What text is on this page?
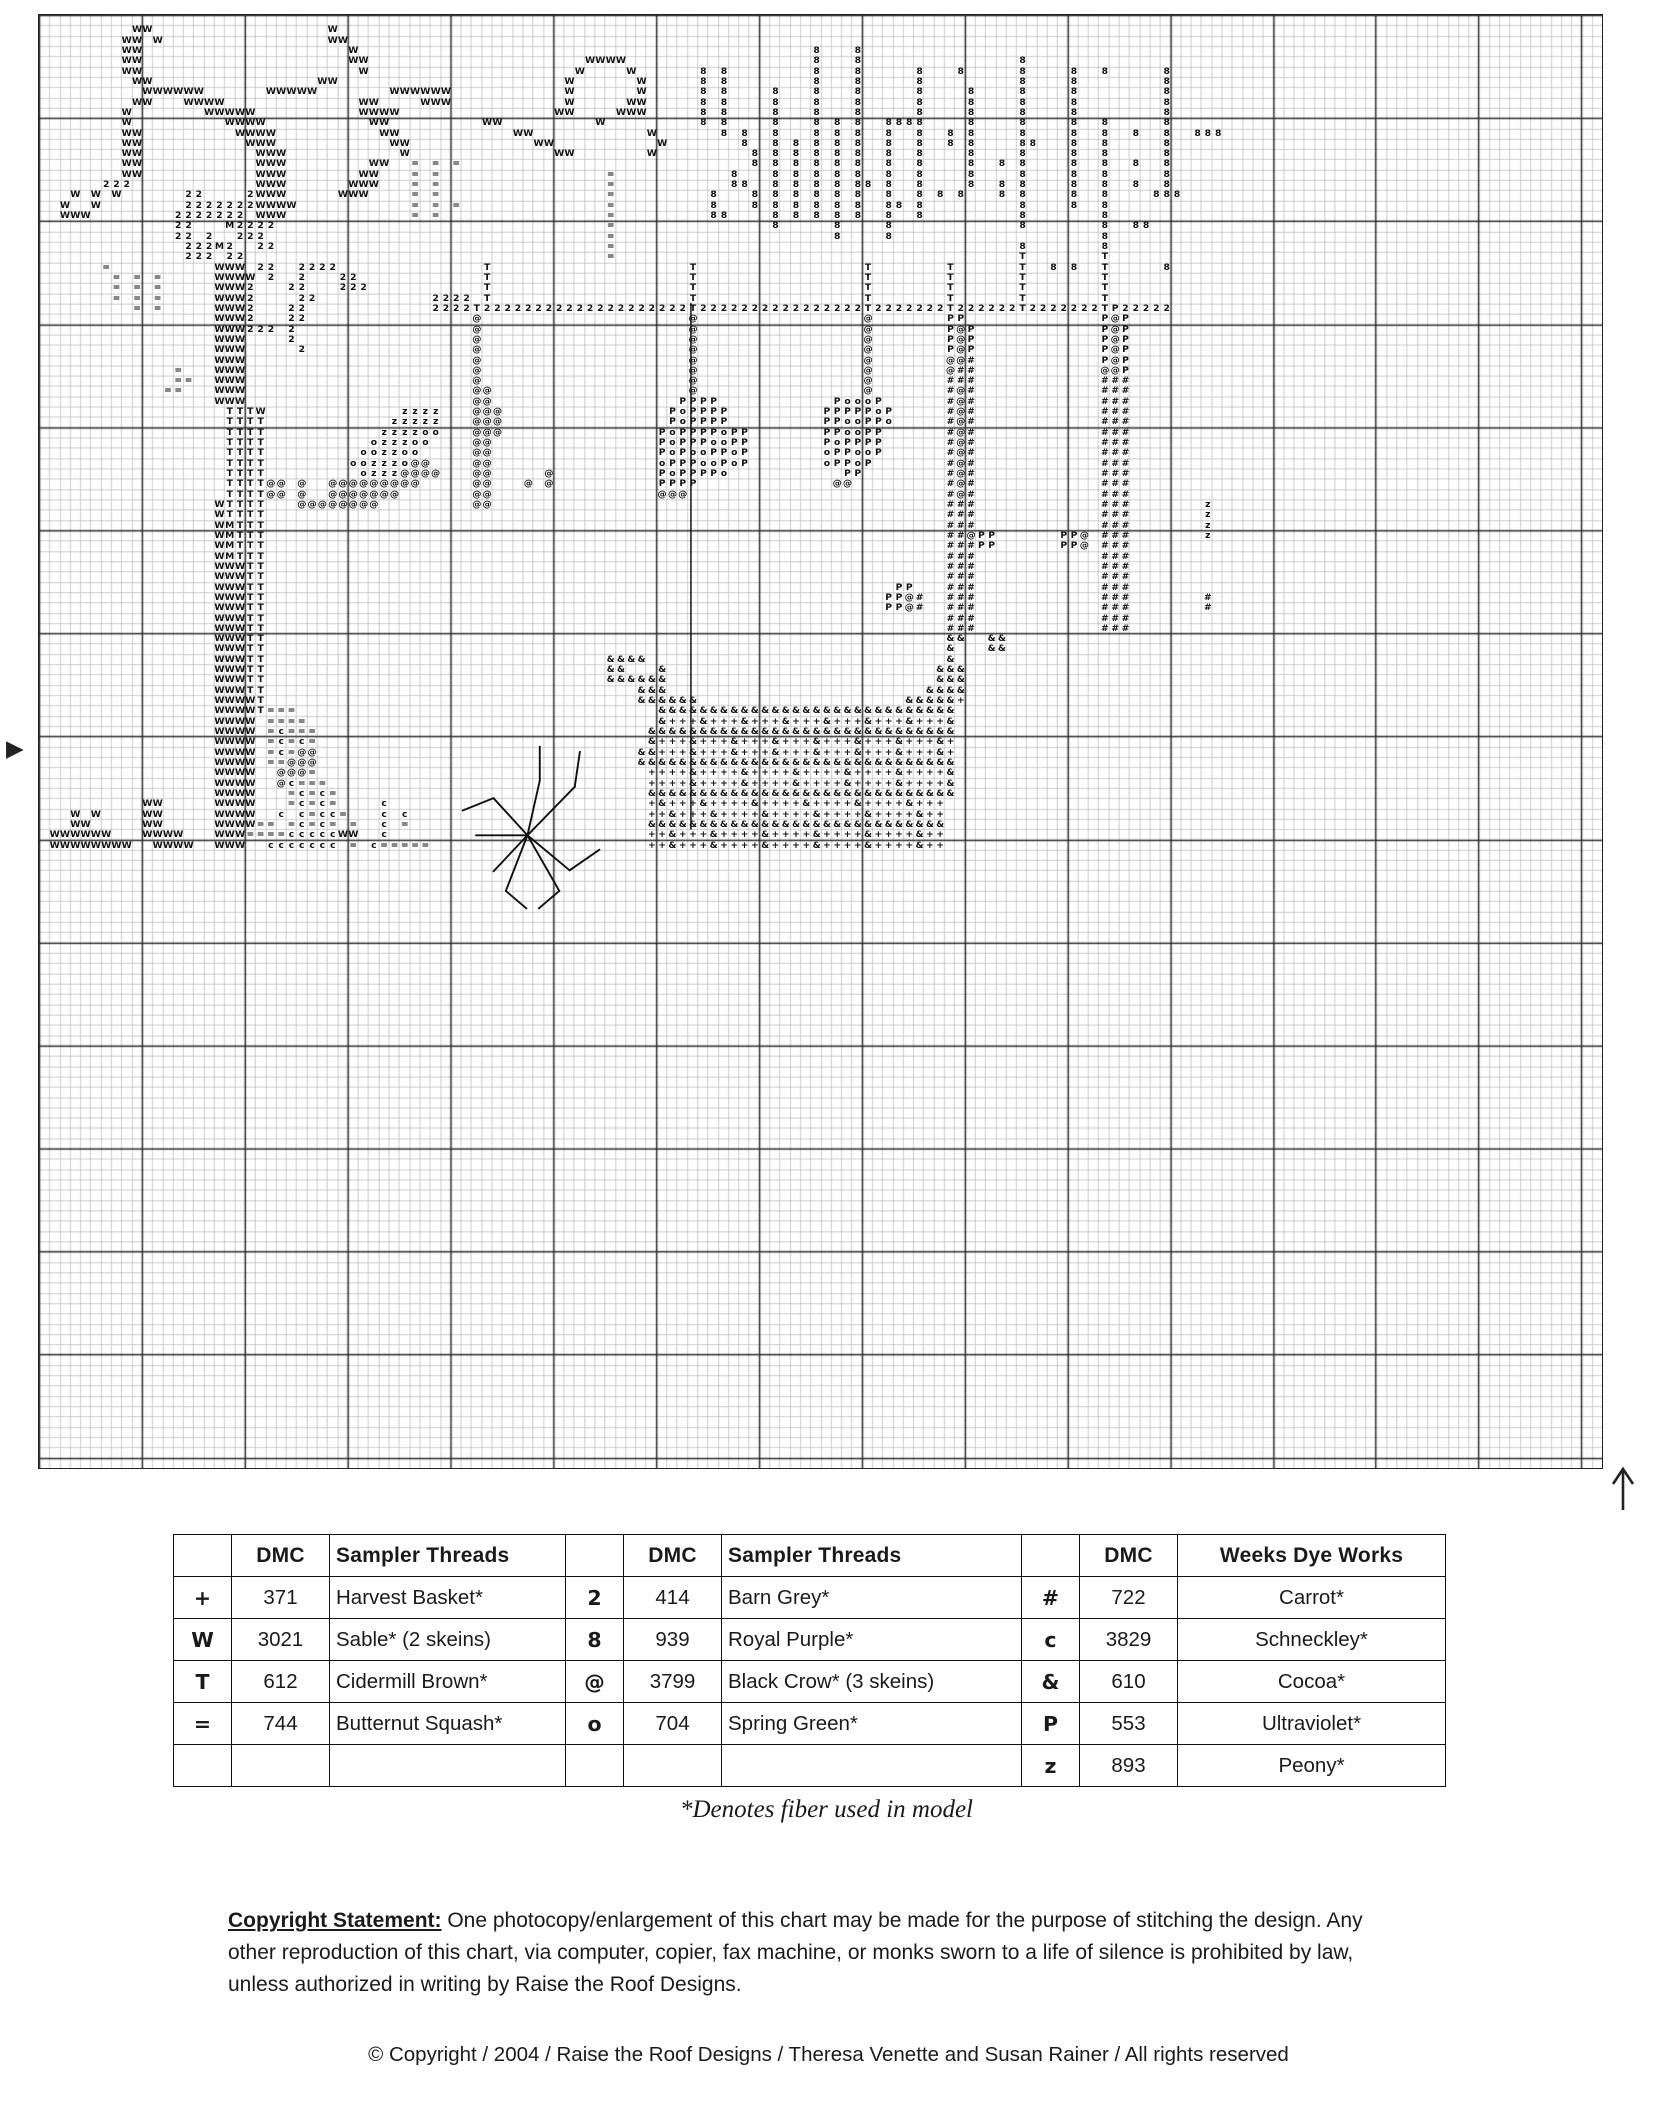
W W	W
W W W	W W
W W	W	8	8
W W	W W	W W W W	8	8	8
W W	W	W	W	8 8	8	8	8	8	8	8	8	8
W W	W W	W	W	8 8	8	8	8	8	8	8
W W W W W W	W W W W W	W W W W W W	W	W	8 8	8	8	8	8	8	8	8	8
W W	W W W W	W W	W W W	W	W W	8 8	8	8	8	8	8	8	8	8
W	W W W W W	W W W W	W W	W W W	8 8	8	8	8	8	8	8	8	8
W	W W W W	W W	W W	W	8 8	8	8 8 8	8 8 8 8	8	8	8	8	8
W W	W W W W	W W	W W	W	8 8	8	8 8 8	8	8	8 8	8	8	8	8	8	8 8 8
W W	W W W	W W	W W	W	8	8 8 8 8 8	8	8	8 8	8 8	8	8	8
W W	W W W	W	W W	W	8 8 8 8 8 8	8	8	8	8	8	8	8
W W	W W W	W W = = =	8 8 8 8 8 8	8	8	8	8 8	8	8	8	8
W W	W W W	W W	= =	=	8	8 8 8 8 8	8	8	8	8	8	8	8
2 2 2	W W W	W W W	= =	=	8 8	8 8 8 8 8 8 8	8	8	8 8	8	8	8	8
W W W	2 2	2 W W W	W W W	= =	=	8	8 8 8 8 8 8	8	8 8 8	8 8	8	8	8 8 8
W W	2 2 2 2 2 2 2 W W W W	= = =	=	8	8 8 8 8 8 8	8 8 8	8	8	8
W W W	2 2 2 2 2 2 2 W W W	= =	=	8 8	8 8 8 8 8	8	8	8	8
2 2	M 2 2 2 2	=	8	8	8	8	8	8 8
2 2 2	2 2 2	=	8	8	8
2 2 2 M 2	2 2	=	8	8
2 2 2 2 2	=	T	T
=	W W W 2 2	2 2 2 2	T	T	T	T	T	8 8	T	8
= = =	W W W W 2	2	2 2	T	T	T	T	T	T
= = =	W W W 2	2 2	2 2 2	T	T	T	T	T	T
= = =	W W W 2	2 2	2 2 2 2 T	T	T	T	T	T
= =	W W W 2	2 2	2 2 2 2 T 2 2 2 2 2 2 2 2 2 2 2 2 2 2 2 2 2 2 2 2 T 2 2 2 2 2 2 2 2 2 2 2 2 2 2 2 2 T 2 2 2 2 2 2 2 T 2 2 2 2 2 2 T 2 2 2 2 2 2 2 T P 2 2 2 2 2
W W W 2	2 2	@	@	@	P P	P @ P
W W W 2 2 2 2	@	@	@	P @ P	P @ P
W W W	2	@	@	@	P @ P	P @ P
W W W	2	@	@	@	P @ P	P @ P
W W W	@	@	@	@ @ #	P @ P
=	W W W	@	@	@	@ # #	@ @ P
= = W W W	@	@	@	# # #	# # #
= =	W W W	@ @	@	@	# @ #	# # #
W W W	@ @	P P P P	P o o o P	# @ #	# # #
T T T W	z z z z	@ @ @	P o P P P P	P P P P P o P	# @ #	# # #
T T T T	z z z z z	@ @ @	P o P P P P	P P o o P P o	# @ #	# # #
T T T T	z z z z o o	@ @ @	P o P P P P o P P	P P o o P P	# @ #	# # #
T T T T	o z z z o o	@ @	P o P P P o o P P	P o P P P P	# @ #	# # #
T T T T	o o z z o o	@ @	P o P o o P P o P	o P P o o P	# @ #	# # #
T T T T	o o z z z o @ @	@ @	o P P P o o P o P	o P P o P	# @ #	# # #
T T T T	o z z z @ @ @ @	@ @	@	P o P P P P o	P P	# @ #	# # #
T T T T @ @ @ @ @ @ @ @ @ @ @ @	@ @	@ @	P P P P	@ @	# @ #	# # #
T T T T @ @ @ @ @ @ @ @ @ @	@ @	@ @ @	# @ #	# # #
W T T T T	@ @ @ @ @ @ @ @	@ @	# # #	# # #	z
W T T T T	# # #	# # #	z
W M T T T	# # #	# # #	z
W M T T T	# # @ P P	P P @ # # #	z
W M T T T	# # # P P	P P @ # # #
W M T T T	# # #	# # #
W W W T T	# # #	# # #
W W W T T	# # #	# # #
W W W T T	P P	# # #	# # #
W W W T T	P P @ #	# # #	# # #	#
W W W T T	P P @ #	# # #	# # #	#
W W W T T	# # #	# # #
W W W T T	# # #	# # #
W W W T T	& &	& &
W W W T T	&	& &
W W W T T	& & & &	&
W W W T T	& &	&	& & &
W W W T T	& & & & & &	& & &
W W W T T	& & &	& & & &
W W W W T	& & & & & &	& & & & & +
W W W W T = = =	& & & & & & & & & & & & & & & & & & & & & & & & & & & & &
W W W W = = = =	& + + + & + + + & + + + & + + + & + + + & + + + & + + + &
W W W W = c = = =	& & & & & & & & & & & & & & & & & & & & & & & & & & & & & &
W W W W = c = c =	& + + + & + + + & + + + & + + + & + + + & + + + & + + + & +
W W W W = c = @ @	& & + + + & + + + & + + + & + + + & + + + & + + + & + + + & +
W W W W = = @ @ @	& & & & & & & & & & & & & & & & & & & & & & & & & & & & & & &
W W W W @ @ @ =	+ + + + & + + + + & + + + + & + + + + & + + + + & + + + + &
W W W W @ c = = =	+ + + + & + + + + & + + + + & + + + + & + + + + & + + + + &
W W W W	= c = c =	& & & & & & & & & & & & & & & & & & & & & & & & & & & & & &
W W	W W W W	= c = c =	c	+ & + + + & + + + + & + + + + & + + + + & + + + + & + + +
W W	W W	W W W W	c c = c c =	c c	+ + & + + + & + + + + & + + + + & + + + + & + + + + & + +
W W	W W	W W W W = = = c = c = =	c =	& & & & & & & & & & & & & & & & & & & & & & & & & & & & &
W W W W W W	W W W W	W W W = = = = c c c c c W W	c	+ + & + + + & + + + + & + + + + & + + + + & + + + + & + +
W W W W W W W W W W W W W W W	c c c c c c c = c = = = = =	+ + & + + + & + + + + & + + + + & + + + + & + + + + & + +
▶
	DMC	Sampler Threads		DMC	Sampler Threads		DMC	Weeks Dye Works
+	371	Harvest Basket*	2	414	Barn Grey*	#	722	Carrot*
W	3021	Sable* (2 skeins)	8	939	Royal Purple*	c	3829	Schneckley*
T	612	Cidermill Brown*	@	3799	Black Crow* (3 skeins)	&	610	Cocoa*
=	744	Butternut Squash*	o	704	Spring Green*	P	553	Ultraviolet*
						z	893	Peony*
*Denotes fiber used in model
Copyright Statement: One photocopy/enlargement of this chart may be made for the purpose of stitching the design. Any other reproduction of this chart, via computer, copier, fax machine, or monks sworn to a life of silence is prohibited by law, unless authorized in writing by Raise the Roof Designs.
© Copyright / 2004 / Raise the Roof Designs / Theresa Venette and Susan Rainer / All rights reserved
